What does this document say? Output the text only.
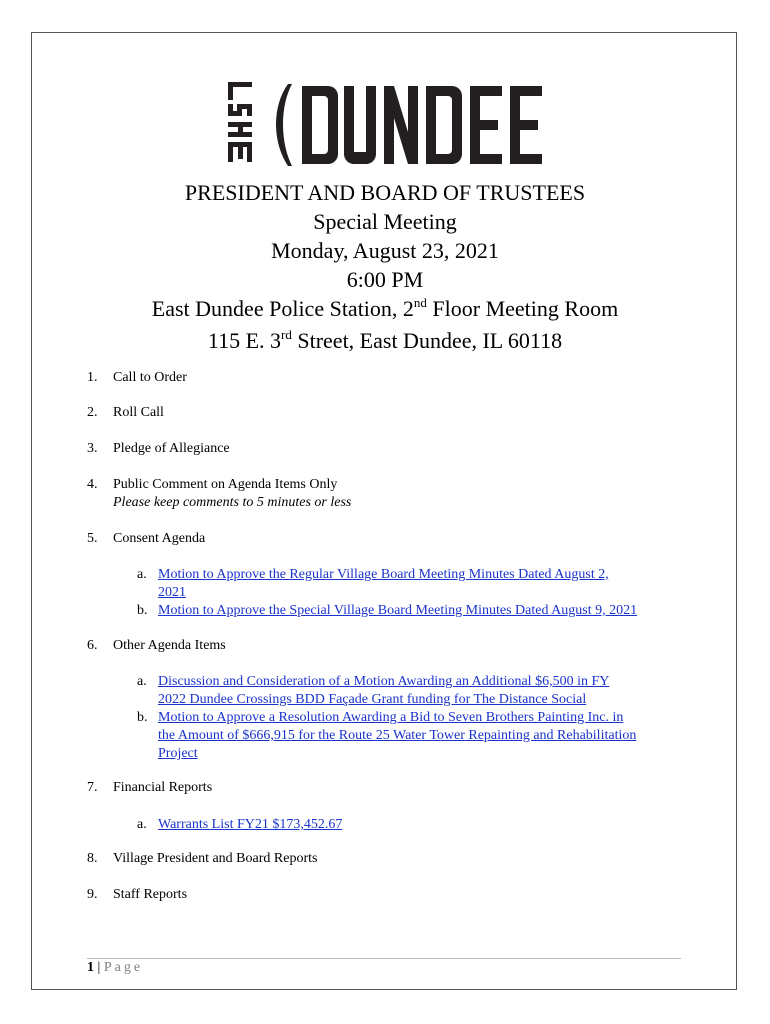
PRESIDENT AND BOARD OF TRUSTEES
Special Meeting
Monday, August 23, 2021
6:00 PM
East Dundee Police Station, 2nd Floor Meeting Room
115 E. 3rd Street, East Dundee, IL 60118
1. Call to Order
2. Roll Call
3. Pledge of Allegiance
4. Public Comment on Agenda Items Only
Please keep comments to 5 minutes or less
5. Consent Agenda
a. Motion to Approve the Regular Village Board Meeting Minutes Dated August 2,
2021
b. Motion to Approve the Special Village Board Meeting Minutes Dated August 9, 2021
6. Other Agenda Items
a. Discussion and Consideration of a Motion Awarding an Additional $6,500 in FY
2022 Dundee Crossings BDD Façade Grant funding for The Distance Social
b. Motion to Approve a Resolution Awarding a Bid to Seven Brothers Painting Inc. in
the Amount of $666,915 for the Route 25 Water Tower Repainting and Rehabilitation
Project
7. Financial Reports
a. Warrants List FY21 $173,452.67
8. Village President and Board Reports
9. Staff Reports
1 | Page
